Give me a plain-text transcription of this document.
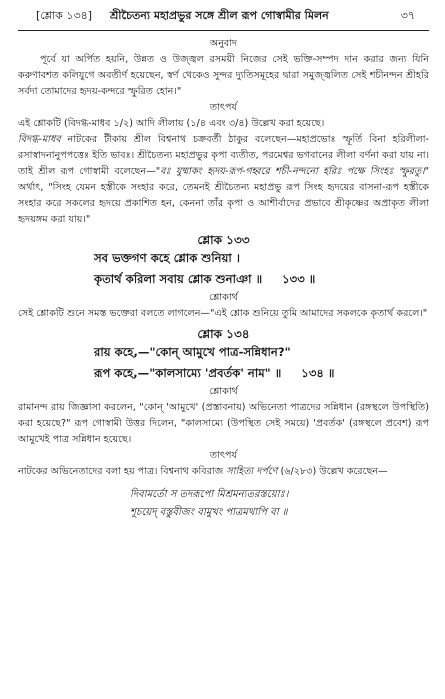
[শ্লোক ১৩৪] শ্রীচৈতন্য মহাপ্রভুর সঙ্গে শ্রীল রূপ গোস্বামীর মিলন	৩৭

অনুবাদ

পূর্বে যা অর্পিত হয়নি, উন্নত ও উজ্জ্বল রসময়ী নিজের সেই ভক্তি-সম্পদ দান করার জন্য যিনি করুণাবশত কলিযুগে অবতীর্ণ হয়েছেন, স্বর্ণ থেকেও সুন্দর দ্যুতিসমূহের দ্বারা সমুজ্জ্বলিত সেই শচীনন্দন শ্রীহরি সর্বদা তোমাদের হৃদয়-কন্দরে স্ফুরিত হোন।"

তাৎপর্য

এই শ্লোকটি (বিদগ্ধ-মাধব ১/২) আদি লীলায় (১/৪ এবং ৩/৪) উল্লেখ করা হয়েছে।

বিদগ্ধ-মাধব নাটকের টীকায় শ্রীল বিশ্বনাথ চক্রবর্তী ঠাকুর বলেছেন—মহাপ্রভোঃ স্ফূর্তি বিনা হরিলীলা-রসাস্বাদনানুপপত্তেঃ ইতি ভাবঃ। শ্রীচৈতন্য মহাপ্রভুর কৃপা ব্যতীত, পরমেশ্বর ভগবানের লীলা বর্ণনা করা যায় না। তাই শ্রীল রূপ গোস্বামী বলেছেন—"বঃ যুষ্মাকং হৃদয়-রূপ-গহ্বরে শচী-নন্দনো হরিঃ পক্ষে সিংহঃ স্ফুরতু।" অর্থাৎ, "সিংহ যেমন হস্তীকে সংহার করে, তেমনই শ্রীচৈতন্য মহাপ্রভু রূপ সিংহ হৃদয়ের বাসনা-রূপ হস্তীকে সংহার করে সকলের হৃদয়ে প্রকাশিত হন, কেননা তাঁর কৃপা ও আশীর্বাদের প্রভাবে শ্রীকৃষ্ণের অপ্রাকৃত লীলা হৃদয়ঙ্গম করা যায়।"

শ্লোক ১৩৩

সব ভক্তগণ কহে শ্লোক শুনিয়া ।

কৃতার্থ করিলা সবায় শ্লোক শুনাঞা ॥ ১৩৩ ॥

শ্লোকার্থ

সেই শ্লোকটি শুনে সমস্ত ভক্তেরা বলতে লাগলেন—"এই শ্লোক শুনিয়ে তুমি আমাদের সকলকে কৃতার্থ করলে।"

শ্লোক ১৩৪

রায় কহে,—"কোন্ আমুখে পাত্র-সন্নিধান?"

রূপ কহে,—"কালসাম্যে 'প্রবর্তক' নাম" ॥ ১৩৪ ॥

শ্লোকার্থ

রামানন্দ রায় জিজ্ঞাসা করলেন, "কোন্ 'আমুখে' (প্রস্তাবনায়) অভিনেতা পাত্রদের সন্নিধান (রঙ্গস্থলে উপস্থিতি) করা হয়েছে?" রূপ গোস্বামী উত্তর দিলেন, "কালসাম্যে (উপস্থিত সেই সময়ে) 'প্রবর্তক' (রঙ্গস্থলে প্রবেশ) রূপ আমুখেই পাত্র সন্নিধান হয়েছে।

তাৎপর্য

নাটকের অভিনেতাদের বলা হয় পাত্র। বিশ্বনাথ কবিরাজ সাহিত্য দর্পণে (৬/২৮৩) উল্লেখ করেছেন—

দিবামর্তো স তদরূপো মিশ্রমন্যতরস্তয়োঃ।

শূচয়েদ্ বস্তুবীজং বামুখং পাত্রমথাপি বা ॥
